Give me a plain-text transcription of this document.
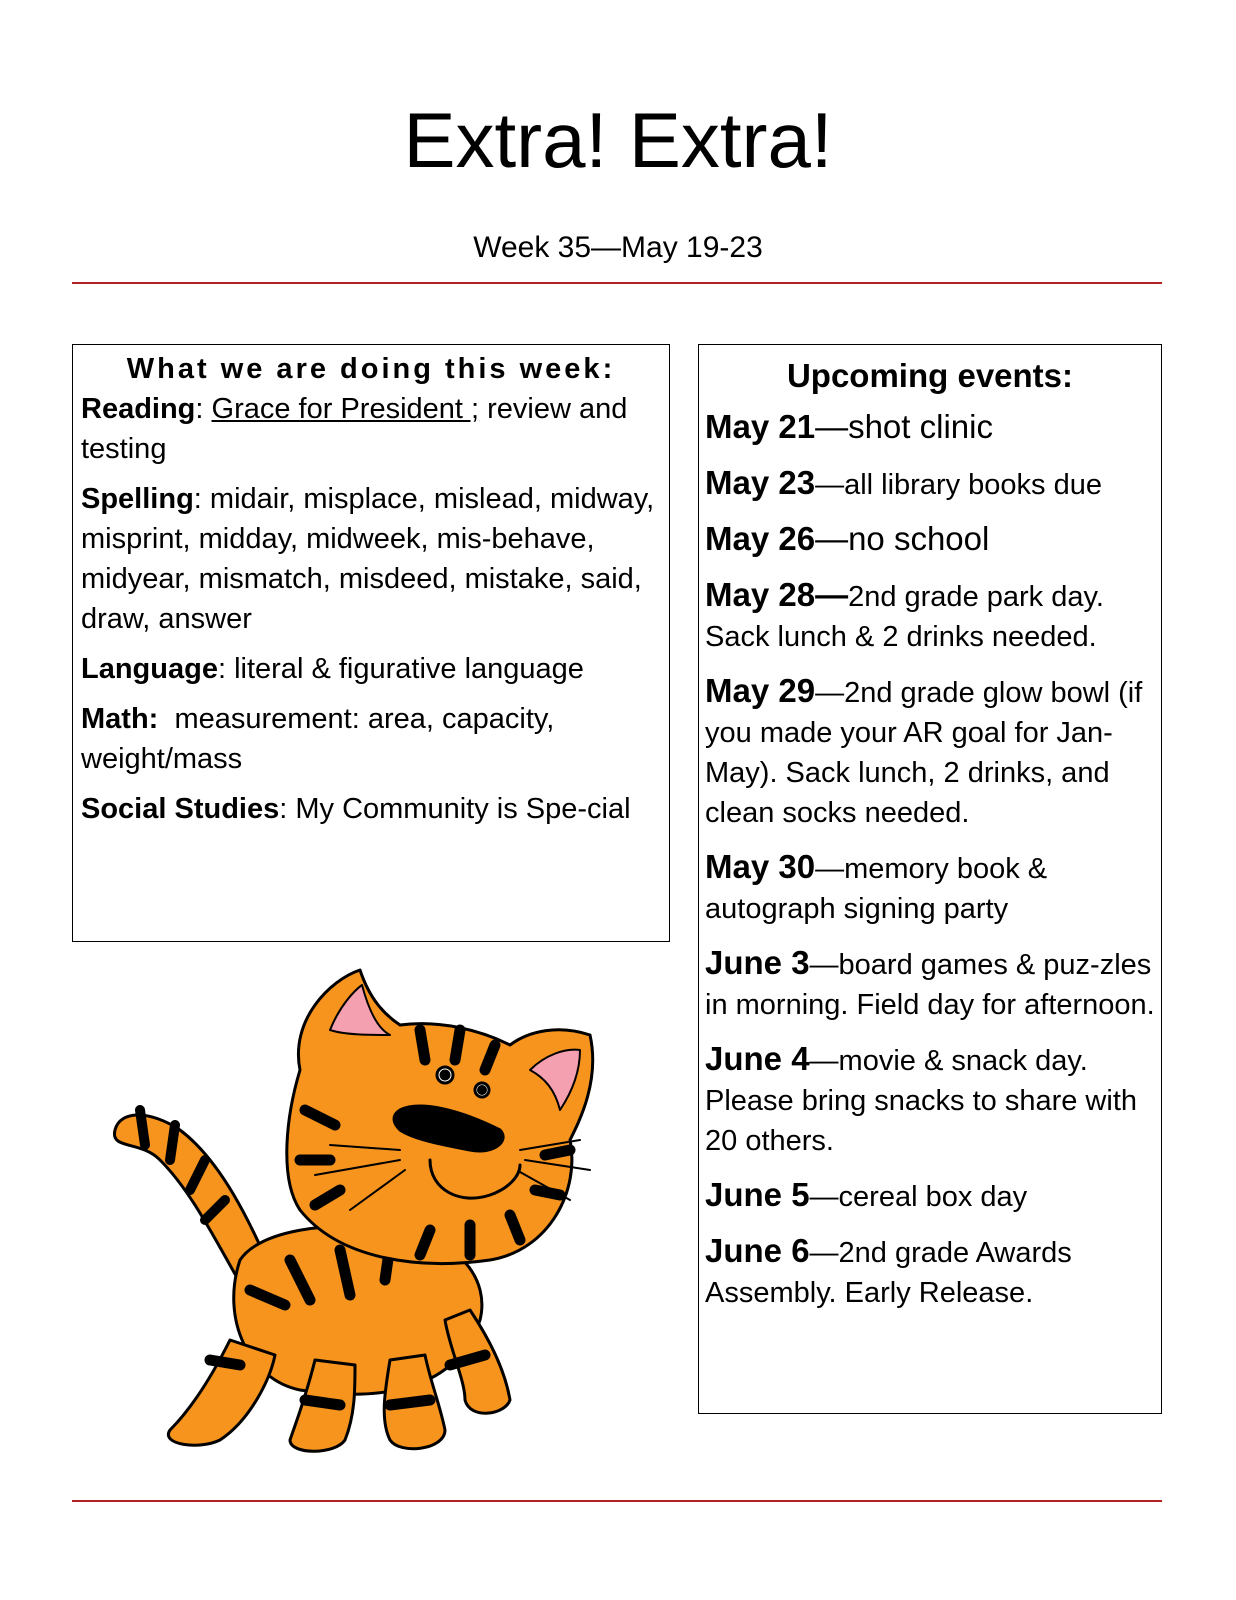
Extra! Extra!
Week 35—May 19-23
What we are doing this week:
Reading: Grace for President ; review and testing
Spelling: midair, misplace, mislead, midway, misprint, midday, midweek, mis-behave, midyear, mismatch, misdeed, mistake, said, draw, answer
Language: literal & figurative language
Math:  measurement: area, capacity, weight/mass
Social Studies: My Community is Spe-cial
Upcoming events:
May 21—shot clinic
May 23—all library books due
May 26—no school
May 28—2nd grade park day. Sack lunch & 2 drinks needed.
May 29—2nd grade glow bowl (if you made your AR goal for Jan-May). Sack lunch, 2 drinks, and clean socks needed.
May 30—memory book & autograph signing party
June 3—board games & puz-zles in morning. Field day for afternoon.
June 4—movie & snack day. Please bring snacks to share with 20 others.
June 5—cereal box day
June 6—2nd grade Awards Assembly. Early Release.
